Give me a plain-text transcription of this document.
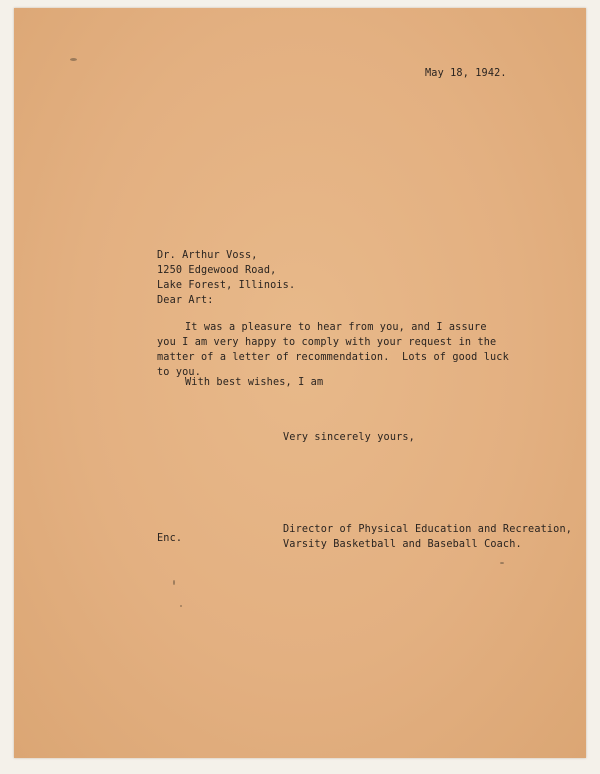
May 18, 1942.
Dr. Arthur Voss,
1250 Edgewood Road,
Lake Forest, Illinois.
Dear Art:
It was a pleasure to hear from you, and I assure
you I am very happy to comply with your request in the
matter of a letter of recommendation.  Lots of good luck
to you.
With best wishes, I am
Very sincerely yours,
Director of Physical Education and Recreation,
Varsity Basketball and Baseball Coach.
Enc.
